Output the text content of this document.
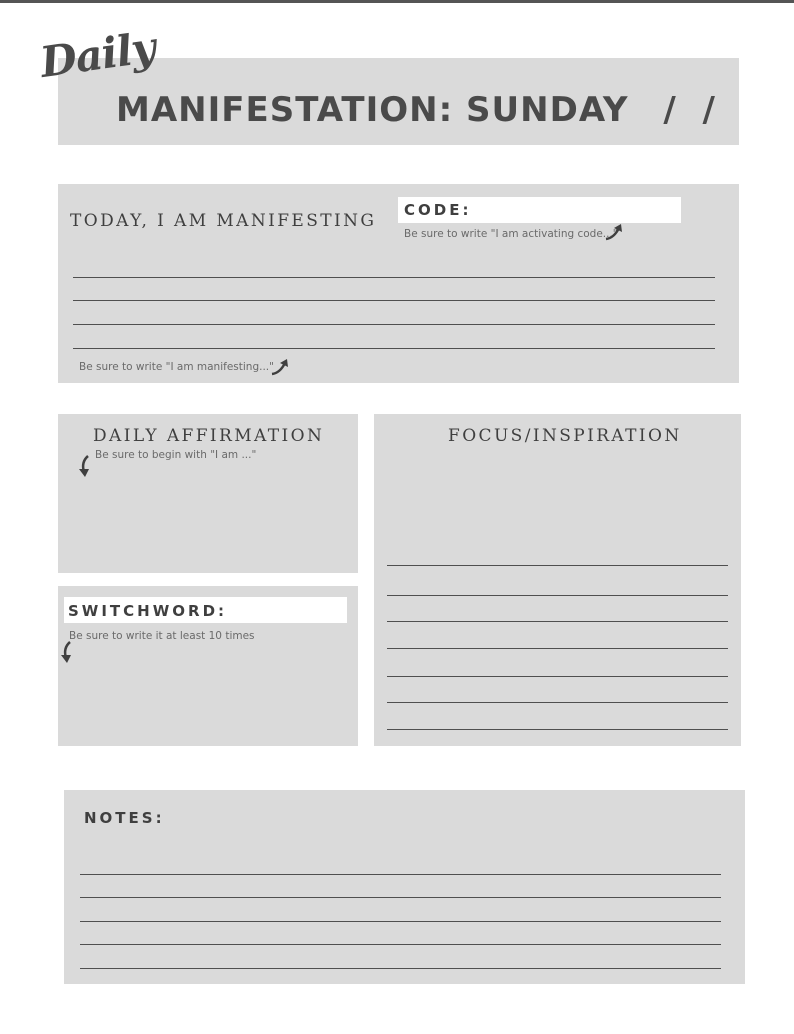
Daily
MANIFESTATION: SUNDAY /  /
TODAY, I AM MANIFESTING
CODE:
Be sure to write "I am activating code..."
Be sure to write "I am manifesting..."
DAILY AFFIRMATION
Be sure to begin with "I am ..."
SWITCHWORD:
Be sure to write it at least 10 times
FOCUS/INSPIRATION
NOTES:
